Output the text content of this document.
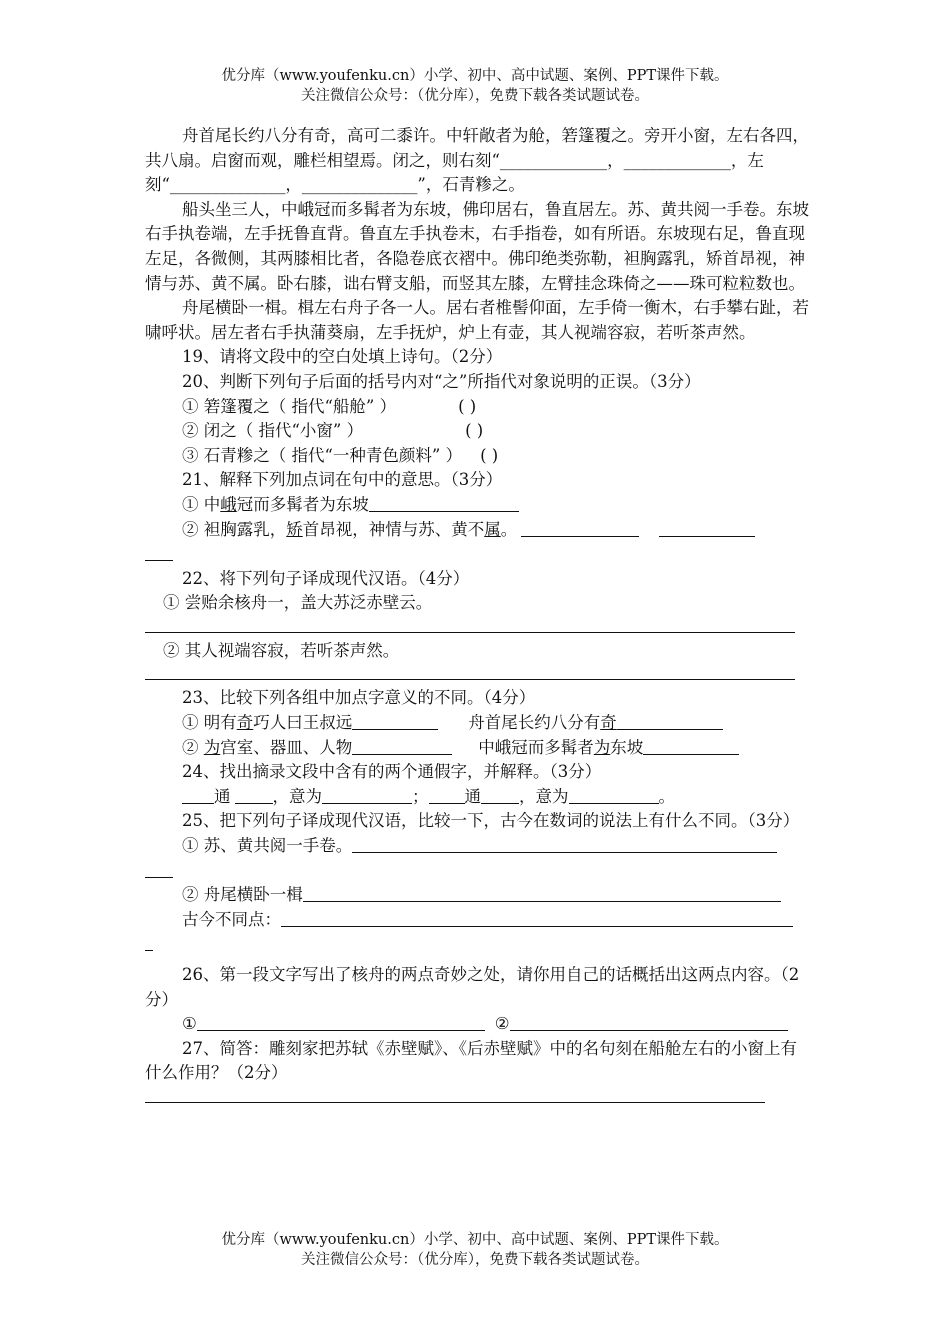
优分库（www.youfenku.cn）小学、初中、高中试题、案例、PPT课件下载。
关注微信公众号：（优分库），免费下载各类试题试卷。

舟首尾长约八分有奇，高可二黍许。中轩敞者为舱，箬篷覆之。旁开小窗，左右各四，共八扇。启窗而观，雕栏相望焉。闭之，则右刻“_____________，_____________，左刻“______________，______________”，石青糁之。

船头坐三人，中峨冠而多髯者为东坡，佛印居右，鲁直居左。苏、黄共阅一手卷。东坡右手执卷端，左手抚鲁直背。鲁直左手执卷末，右手指卷，如有所语。东坡现右足，鲁直现左足，各微侧，其两膝相比者，各隐卷底衣褶中。佛印绝类弥勒，袒胸露乳，矫首昂视，神情与苏、黄不属。卧右膝，诎右臂支船，而竖其左膝，左臂挂念珠倚之——珠可粒粒数也。

舟尾横卧一楫。楫左右舟子各一人。居右者椎髻仰面，左手倚一衡木，右手攀右趾，若啸呼状。居左者右手执蒲葵扇，左手抚炉，炉上有壶，其人视端容寂，若听茶声然。

19、请将文段中的空白处填上诗句。（2分）

20、判断下列句子后面的括号内对“之”所指代对象说明的正误。（3分）

① 箬篷覆之（ 指代“船舱” ）	( )
② 闭之（ 指代“小窗” ）	( )
③ 石青糁之（ 指代“一种青色颜料” ） ( )

21、解释下列加点词在句中的意思。（3分）

① 中峨冠而多髯者为东坡
② 袒胸露乳，矫首昂视，神情与苏、黄不属。

22、将下列句子译成现代汉语。（4分）

① 尝贻余核舟一，盖大苏泛赤壁云。
② 其人视端容寂，若听茶声然。

23、比较下列各组中加点字意义的不同。（4分）

① 明有奇巧人曰王叔远	舟首尾长约八分有奇
② 为宫室、器皿、人物	中峨冠而多髯者为东坡

24、找出摘录文段中含有的两个通假字，并解释。（3分）

通	，意为	； 通 ，意为	。

25、把下列句子译成现代汉语，比较一下，古今在数词的说法上有什么不同。（3分）

① 苏、黄共阅一手卷。
② 舟尾横卧一楫
古今不同点：

26、第一段文字写出了核舟的两点奇妙之处，请你用自己的话概括出这两点内容。（2分）

①	②

27、简答：雕刻家把苏轼《赤壁赋》、《后赤壁赋》中的名句刻在船舱左右的小窗上有什么作用？（2分）

优分库（www.youfenku.cn）小学、初中、高中试题、案例、PPT课件下载。
关注微信公众号：（优分库），免费下载各类试题试卷。
